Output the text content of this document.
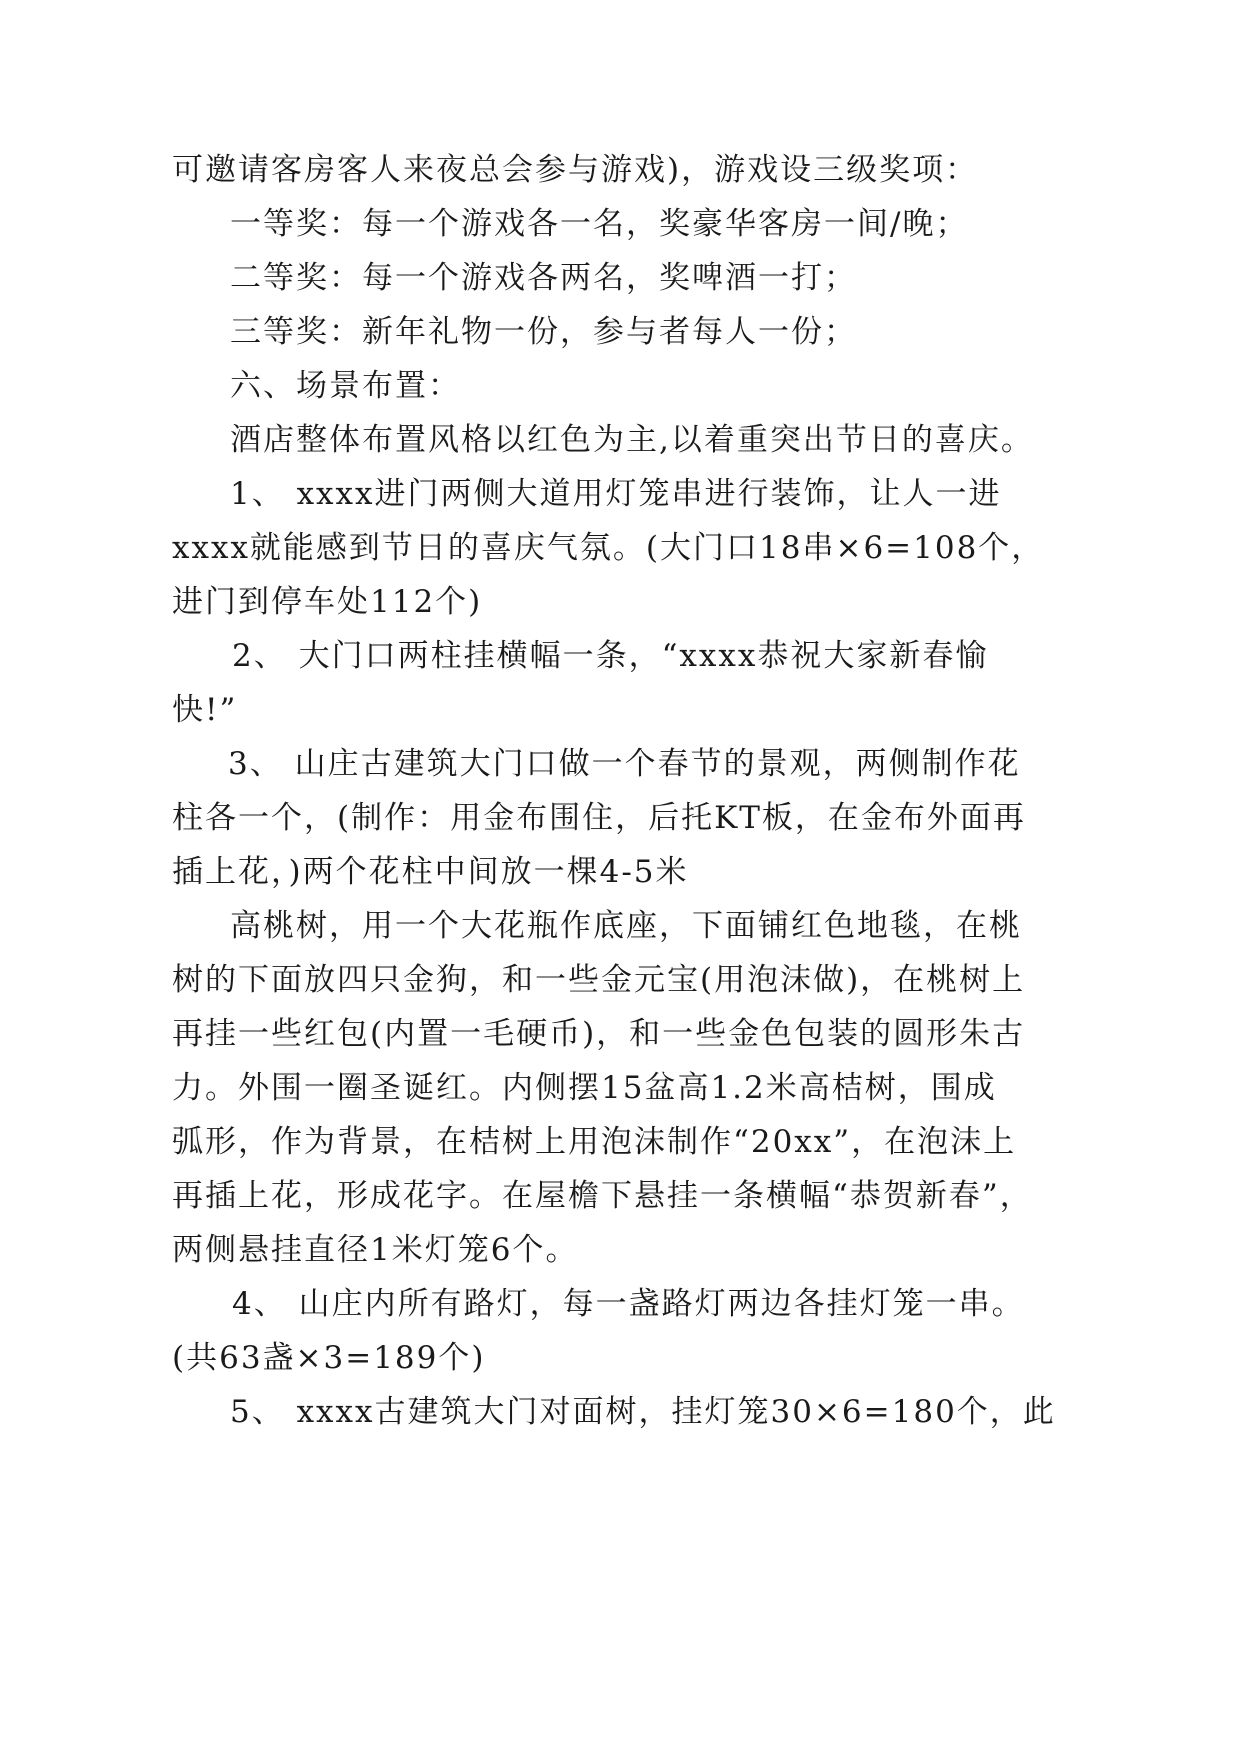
可邀请客房客人来夜总会参与游戏)，游戏设三级奖项：
一等奖：每一个游戏各一名，奖豪华客房一间/晚；
二等奖：每一个游戏各两名，奖啤酒一打；
三等奖：新年礼物一份，参与者每人一份；
六、场景布置：
酒店整体布置风格以红色为主,以着重突出节日的喜庆。
1、 xxxx进门两侧大道用灯笼串进行装饰，让人一进
xxxx就能感到节日的喜庆气氛。(大门口18串×6=108个，
进门到停车处112个)
2、 大门口两柱挂横幅一条，“xxxx恭祝大家新春愉
快!”
3、 山庄古建筑大门口做一个春节的景观，两侧制作花
柱各一个，(制作：用金布围住，后托KT板，在金布外面再
插上花，)两个花柱中间放一棵4-5米
高桃树，用一个大花瓶作底座，下面铺红色地毯，在桃
树的下面放四只金狗，和一些金元宝(用泡沫做)，在桃树上
再挂一些红包(内置一毛硬币)，和一些金色包装的圆形朱古
力。外围一圈圣诞红。内侧摆15盆高1.2米高桔树，围成
弧形，作为背景，在桔树上用泡沫制作“20xx”，在泡沫上
再插上花，形成花字。在屋檐下悬挂一条横幅“恭贺新春”，
两侧悬挂直径1米灯笼6个。
4、 山庄内所有路灯，每一盏路灯两边各挂灯笼一串。
(共63盏×3=189个)
5、 xxxx古建筑大门对面树，挂灯笼30×6=180个，此
